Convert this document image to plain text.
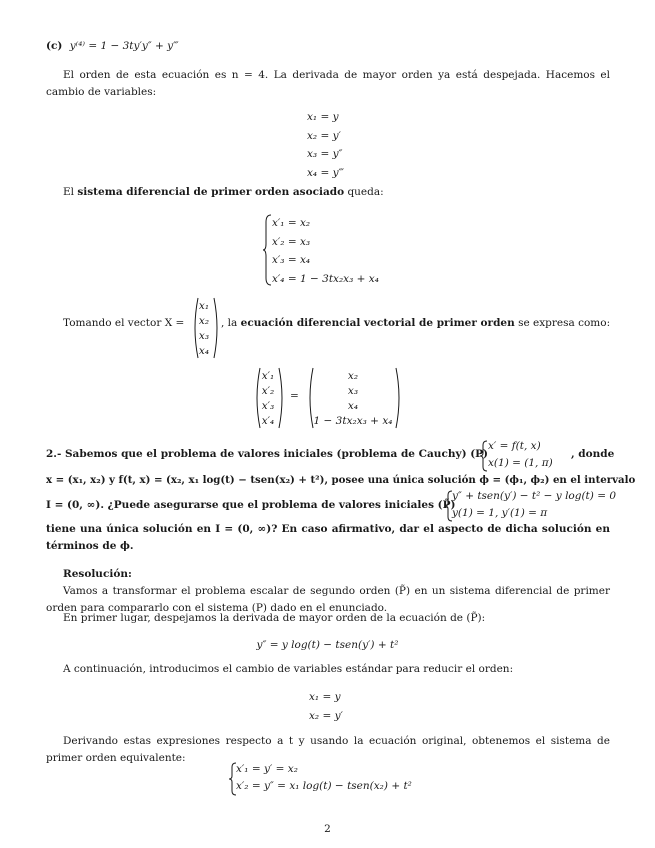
(c) y⁽⁴⁾ = 1 − 3ty′y″ + y‴
El orden de esta ecuación es n = 4. La derivada de mayor orden ya está despejada. Hacemos el cambio de variables:
x₁ = y
x₂ = y′
x₃ = y″
x₄ = y‴
El sistema diferencial de primer orden asociado queda:
x′₁ = x₂
x′₂ = x₃
x′₃ = x₄
x′₄ = 1 − 3tx₂x₃ + x₄
Tomando el vector X =
x₁
x₂
x₃
x₄
, la ecuación diferencial vectorial de primer orden se expresa como:
x′₁
x′₂
x′₃
x′₄
=
x₂
x₃
x₄
1 − 3tx₂x₃ + x₄
2.- Sabemos que el problema de valores iniciales (problema de Cauchy) (P)
x′ = f(t, x)
x(1) = (1, π)
, donde
x = (x₁, x₂) y f(t, x) = (x₂, x₁ log(t) − tsen(x₂) + t²), posee una única solución ϕ = (ϕ₁, ϕ₂) en el intervalo
I = (0, ∞). ¿Puede asegurarse que el problema de valores iniciales (P̃)
y″ + tsen(y′) − t² − y log(t) = 0
y(1) = 1, y′(1) = π
tiene una única solución en I = (0, ∞)? En caso afirmativo, dar el aspecto de dicha solución en términos de ϕ.
Resolución:
Vamos a transformar el problema escalar de segundo orden (P̃) en un sistema diferencial de primer orden para compararlo con el sistema (P) dado en el enunciado.
En primer lugar, despejamos la derivada de mayor orden de la ecuación de (P̃):
y″ = y log(t) − tsen(y′) + t²
A continuación, introducimos el cambio de variables estándar para reducir el orden:
x₁ = y
x₂ = y′
Derivando estas expresiones respecto a t y usando la ecuación original, obtenemos el sistema de primer orden equivalente:
x′₁ = y′ = x₂
x′₂ = y″ = x₁ log(t) − tsen(x₂) + t²
2
